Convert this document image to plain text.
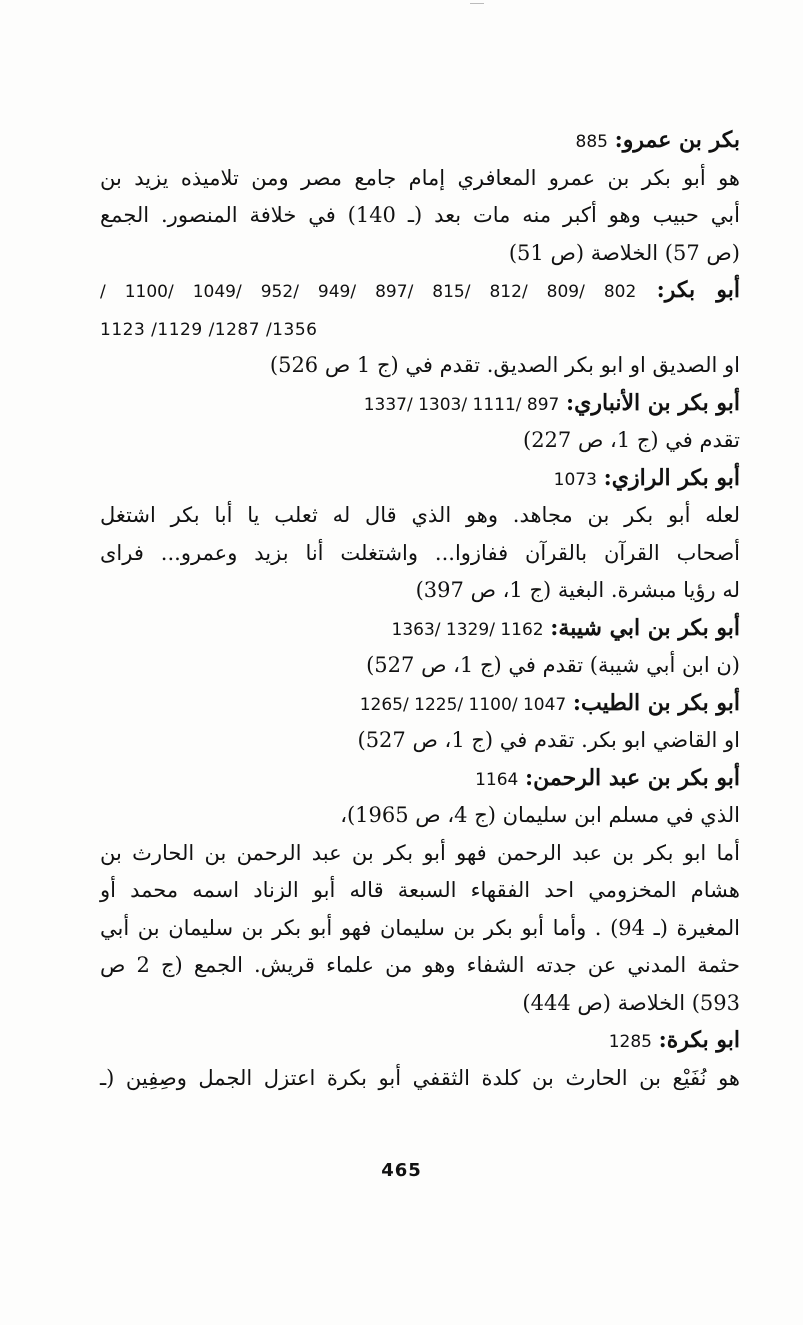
بكر بن عمرو: 885
هو أبو بكر بن عمرو المعافري إمام جامع مصر ومن تلاميذه يزيد بن
أبي حبيب وهو أكبر منه مات بعد (ـ 140) في خلافة المنصور. الجمع
(ص 57) الخلاصة (ص 51)
أبو بكر: 802 /809 /812 /815 /897 /949 /952 /1049 /1100 /
1123 /1129 /1287 /1356
او الصديق او ابو بكر الصديق. تقدم في (ج 1 ص 526)
أبو بكر بن الأنباري: 897 /1111 /1303 /1337
تقدم في (ج 1، ص 227)
أبو بكر الرازي: 1073
لعله أبو بكر بن مجاهد. وهو الذي قال له ثعلب يا أبا بكر اشتغل
أصحاب القرآن بالقرآن ففازوا... واشتغلت أنا بزيد وعمرو... فرای
له رؤيا مبشرة. البغية (ج 1، ص 397)
أبو بكر بن ابي شيبة: 1162 /1329 /1363
(ن ابن أبي شيبة) تقدم في (ج 1، ص 527)
أبو بكر بن الطيب: 1047 /1100 /1225 /1265
او القاضي ابو بكر. تقدم في (ج 1، ص 527)
أبو بكر بن عبد الرحمن: 1164
الذي في مسلم ابن سليمان (ج 4، ص 1965)،
أما ابو بكر بن عبد الرحمن فهو أبو بكر بن عبد الرحمن بن الحارث بن
هشام المخزومي احد الفقهاء السبعة قاله أبو الزناد اسمه محمد أو
المغيرة (ـ 94) . وأما أبو بكر بن سليمان فهو أبو بكر بن سليمان بن أبي
حثمة المدني عن جدته الشفاء وهو من علماء قريش. الجمع (ج 2 ص
593) الخلاصة (ص 444)
ابو بكرة: 1285
هو نُفَيْع بن الحارث بن كلدة الثقفي أبو بكرة اعتزل الجمل وصِفِين (ـ
465
